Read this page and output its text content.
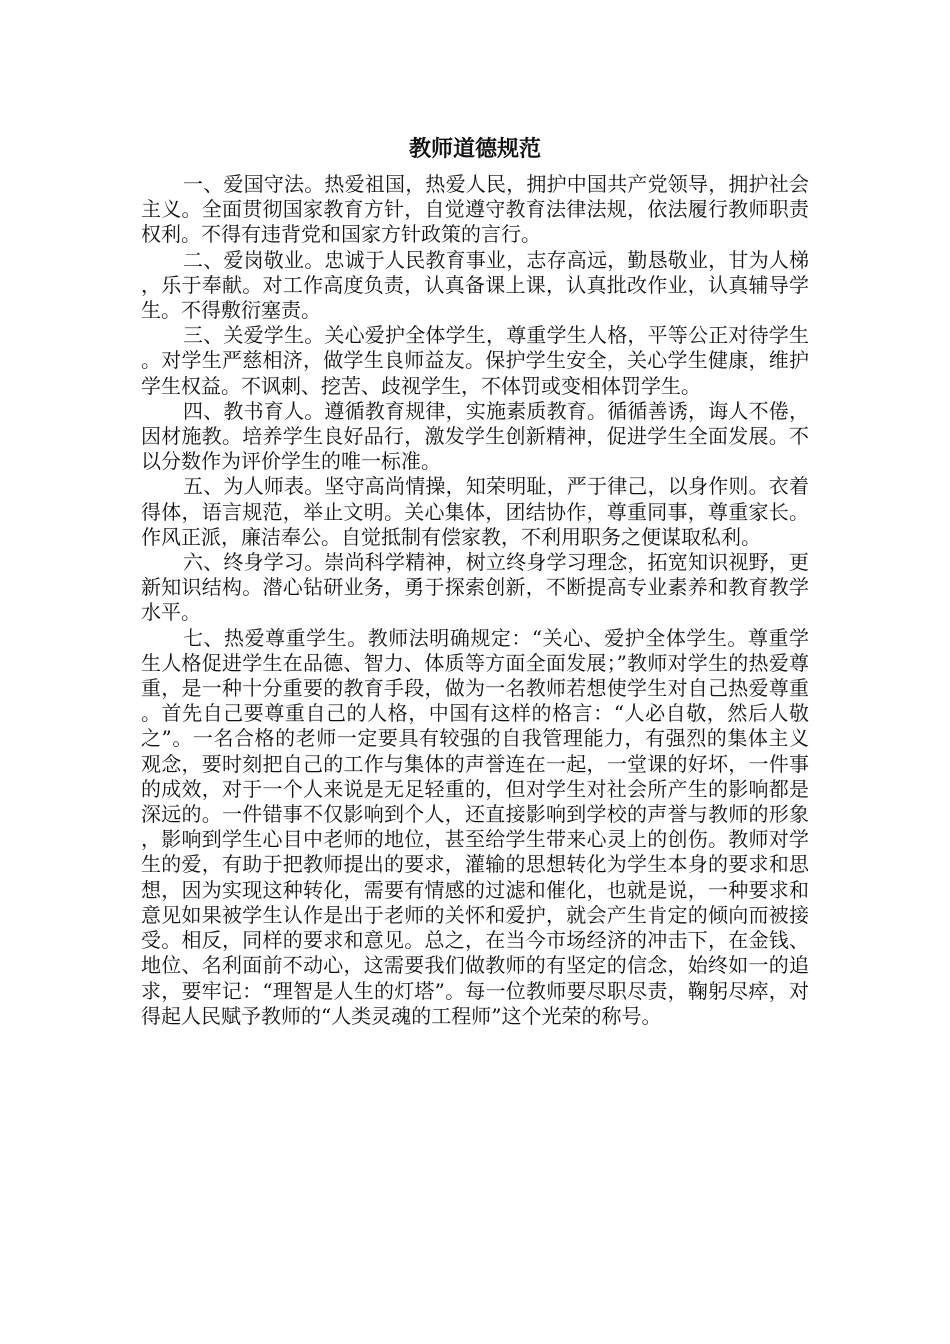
教师道德规范

一、爱国守法。热爱祖国，热爱人民，拥护中国共产党领导，拥护社会主义。全面贯彻国家教育方针，自觉遵守教育法律法规，依法履行教师职责权利。不得有违背党和国家方针政策的言行。

二、爱岗敬业。忠诚于人民教育事业，志存高远，勤恳敬业，甘为人梯，乐于奉献。对工作高度负责，认真备课上课，认真批改作业，认真辅导学生。不得敷衍塞责。

三、关爱学生。关心爱护全体学生，尊重学生人格，平等公正对待学生。对学生严慈相济，做学生良师益友。保护学生安全，关心学生健康，维护学生权益。不讽刺、挖苦、歧视学生，不体罚或变相体罚学生。

四、教书育人。遵循教育规律，实施素质教育。循循善诱，诲人不倦，因材施教。培养学生良好品行，激发学生创新精神，促进学生全面发展。不以分数作为评价学生的唯一标准。

五、为人师表。坚守高尚情操，知荣明耻，严于律己，以身作则。衣着得体，语言规范，举止文明。关心集体，团结协作，尊重同事，尊重家长。作风正派，廉洁奉公。自觉抵制有偿家教，不利用职务之便谋取私利。

六、终身学习。崇尚科学精神，树立终身学习理念，拓宽知识视野，更新知识结构。潜心钻研业务，勇于探索创新，不断提高专业素养和教育教学水平。

七、热爱尊重学生。教师法明确规定：“关心、爱护全体学生。尊重学生人格促进学生在品德、智力、体质等方面全面发展；”教师对学生的热爱尊重，是一种十分重要的教育手段，做为一名教师若想使学生对自己热爱尊重。首先自己要尊重自己的人格，中国有这样的格言：“人必自敬，然后人敬之”。一名合格的老师一定要具有较强的自我管理能力，有强烈的集体主义观念，要时刻把自己的工作与集体的声誉连在一起，一堂课的好坏，一件事的成效，对于一个人来说是无足轻重的，但对学生对社会所产生的影响都是深远的。一件错事不仅影响到个人，还直接影响到学校的声誉与教师的形象，影响到学生心目中老师的地位，甚至给学生带来心灵上的创伤。教师对学生的爱，有助于把教师提出的要求，灌输的思想转化为学生本身的要求和思想，因为实现这种转化，需要有情感的过滤和催化，也就是说，一种要求和意见如果被学生认作是出于老师的关怀和爱护，就会产生肯定的倾向而被接受。相反，同样的要求和意见。总之，在当今市场经济的冲击下，在金钱、地位、名利面前不动心，这需要我们做教师的有坚定的信念，始终如一的追求，要牢记：“理智是人生的灯塔”。每一位教师要尽职尽责，鞠躬尽瘁，对得起人民赋予教师的“人类灵魂的工程师”这个光荣的称号。
